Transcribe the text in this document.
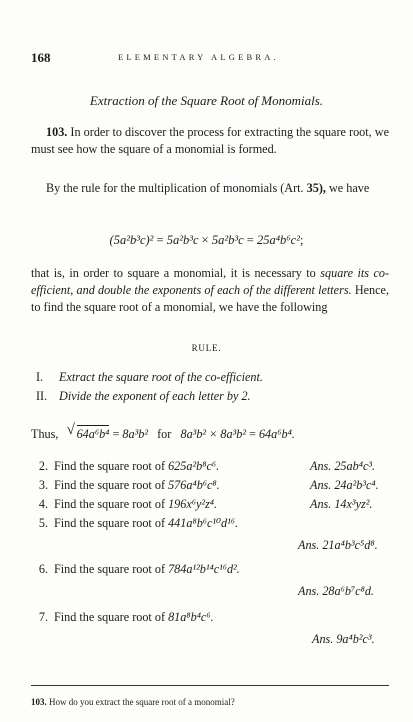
168	ELEMENTARY ALGEBRA.
Extraction of the Square Root of Monomials.
103. In order to discover the process for extracting the square root, we must see how the square of a monomial is formed.
By the rule for the multiplication of monomials (Art. 35), we have
(5a²b³c)² = 5a²b³c × 5a²b³c = 25a⁴b⁶c²;
that is, in order to square a monomial, it is necessary to square its co-efficient, and double the exponents of each of the different letters. Hence, to find the square root of a monomial, we have the following
RULE.
I. Extract the square root of the co-efficient.
II. Divide the exponent of each letter by 2.
Thus,   √ 64a⁶b⁴ = 8a³b² for 8a³b² × 8a³b² = 64a⁶b⁴.
2. Find the square root of 625a²b⁸c⁶.	Ans. 25ab⁴c³.
3. Find the square root of 576a⁴b⁶c⁸.	Ans. 24a²b³c⁴.
4. Find the square root of 196x⁶y²z⁴.	Ans. 14x³yz².
5. Find the square root of 441a⁸b⁶c¹⁰d¹⁶.
Ans. 21a⁴b³c⁵d⁸.
6. Find the square root of 784a¹²b¹⁴c¹⁶d².
Ans. 28a⁶b⁷c⁸d.
7. Find the square root of 81a⁸b⁴c⁶.
Ans. 9a⁴b²c³.
103. How do you extract the square root of a monomial?
